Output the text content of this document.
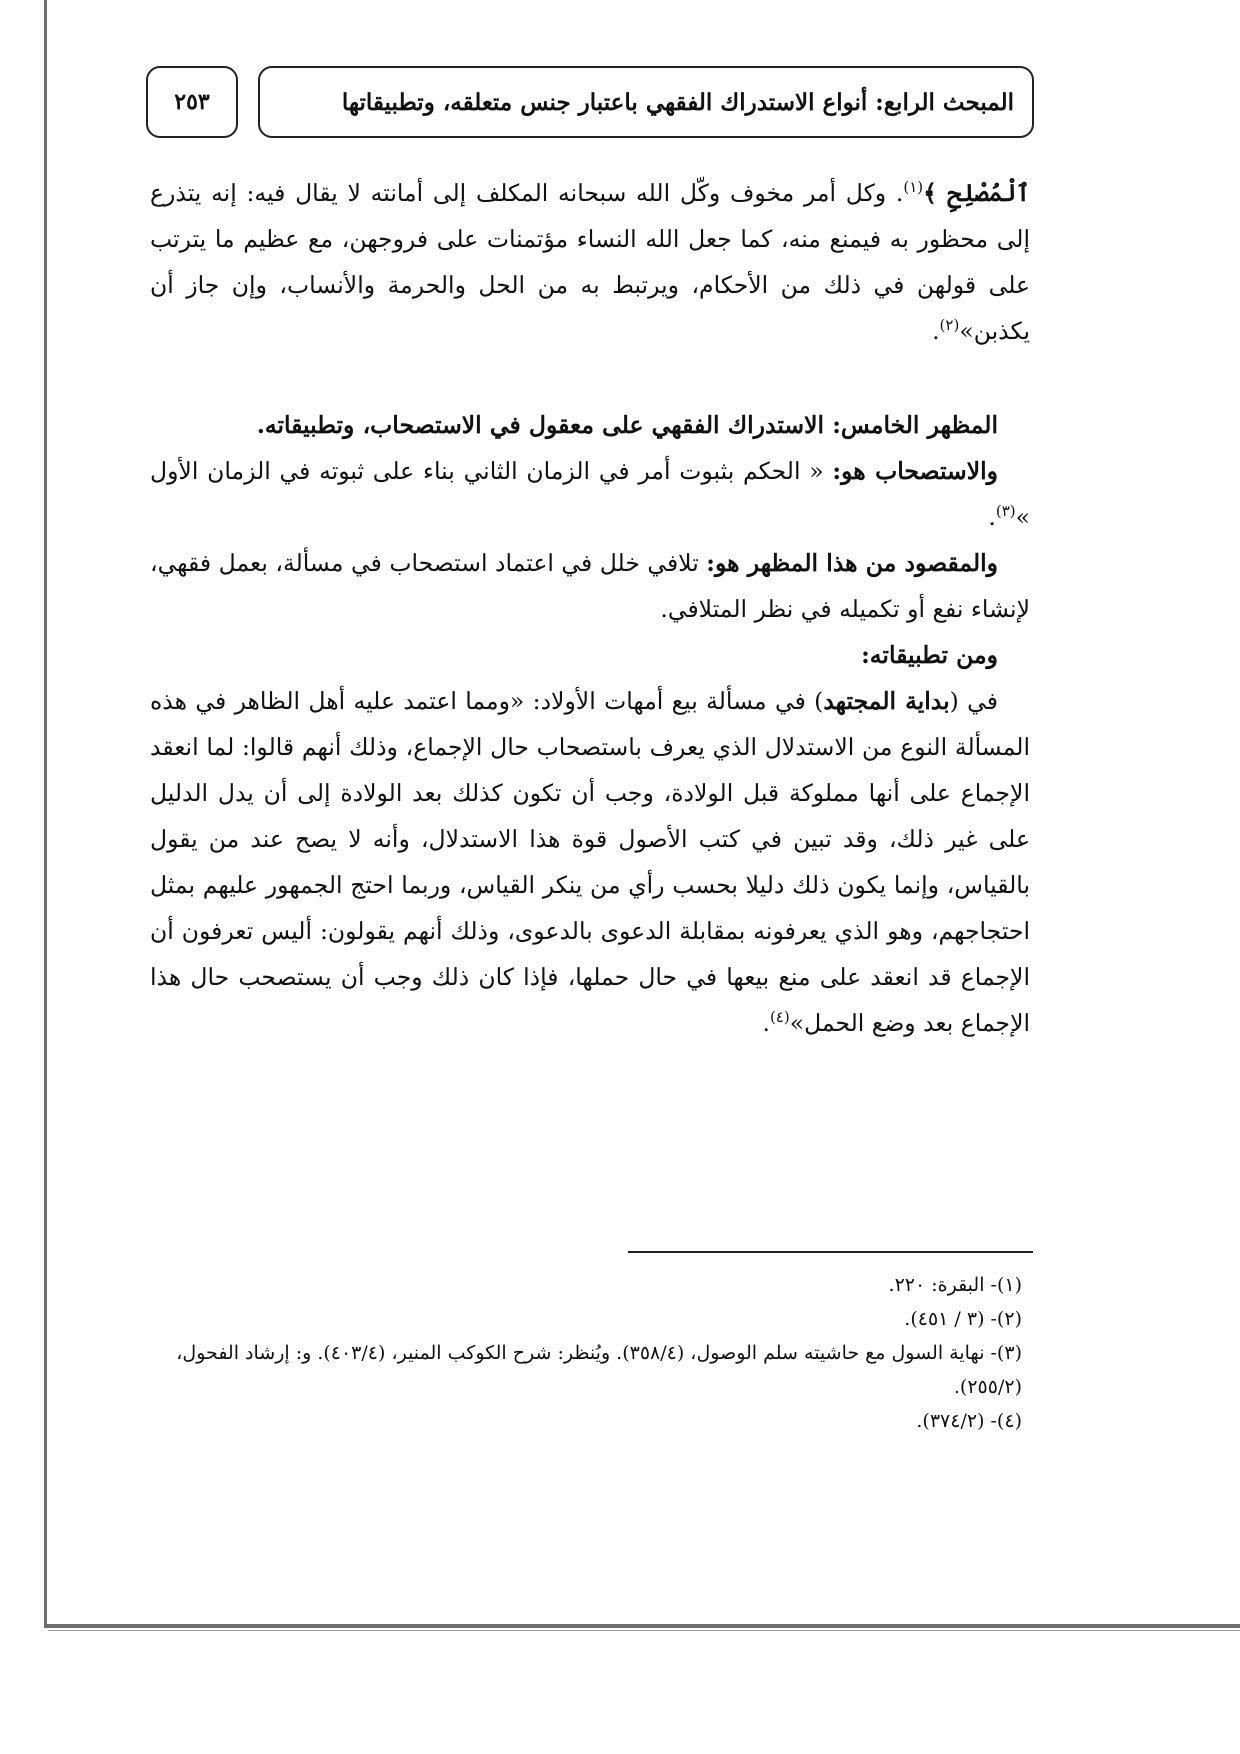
٢٥٣	المبحث الرابع: أنواع الاستدراك الفقهي باعتبار جنس متعلقه، وتطبيقاتها

ٱلْمُصْلِحِ ﴾$^{(١)}$. وكل أمر مخوف وكّل الله سبحانه المكلف إلى أمانته لا يقال فيه: إنه يتذرع إلى محظور به فيمنع منه، كما جعل الله النساء مؤتمنات على فروجهن، مع عظيم ما يترتب على قولهن في ذلك من الأحكام، ويرتبط به من الحل والحرمة والأنساب، وإن جاز أن يكذبن»$^{(٢)}$.

المظهر الخامس: الاستدراك الفقهي على معقول في الاستصحاب، وتطبيقاته.

والاستصحاب هو: « الحكم بثبوت أمر في الزمان الثاني بناء على ثبوته في الزمان الأول »$^{(٣)}$.

والمقصود من هذا المظهر هو: تلافي خلل في اعتماد استصحاب في مسألة، بعمل فقهي، لإنشاء نفع أو تكميله في نظر المتلافي.

ومن تطبيقاته:

في (بداية المجتهد) في مسألة بيع أمهات الأولاد: «ومما اعتمد عليه أهل الظاهر في هذه المسألة النوع من الاستدلال الذي يعرف باستصحاب حال الإجماع، وذلك أنهم قالوا: لما انعقد الإجماع على أنها مملوكة قبل الولادة، وجب أن تكون كذلك بعد الولادة إلى أن يدل الدليل على غير ذلك، وقد تبين في كتب الأصول قوة هذا الاستدلال، وأنه لا يصح عند من يقول بالقياس، وإنما يكون ذلك دليلا بحسب رأي من ينكر القياس، وربما احتج الجمهور عليهم بمثل احتجاجهم، وهو الذي يعرفونه بمقابلة الدعوى بالدعوى، وذلك أنهم يقولون: أليس تعرفون أن الإجماع قد انعقد على منع بيعها في حال حملها، فإذا كان ذلك وجب أن يستصحب حال هذا الإجماع بعد وضع الحمل»$^{(٤)}$.

(١)- البقرة: ٢٢٠.

(٢)- (٣ / ٤٥١).

(٣)- نهاية السول مع حاشيته سلم الوصول، (٣٥٨/٤). ويُنظر: شرح الكوكب المنير، (٤٠٣/٤). و: إرشاد الفحول، (٢٥٥/٢).

(٤)- (٣٧٤/٢).
